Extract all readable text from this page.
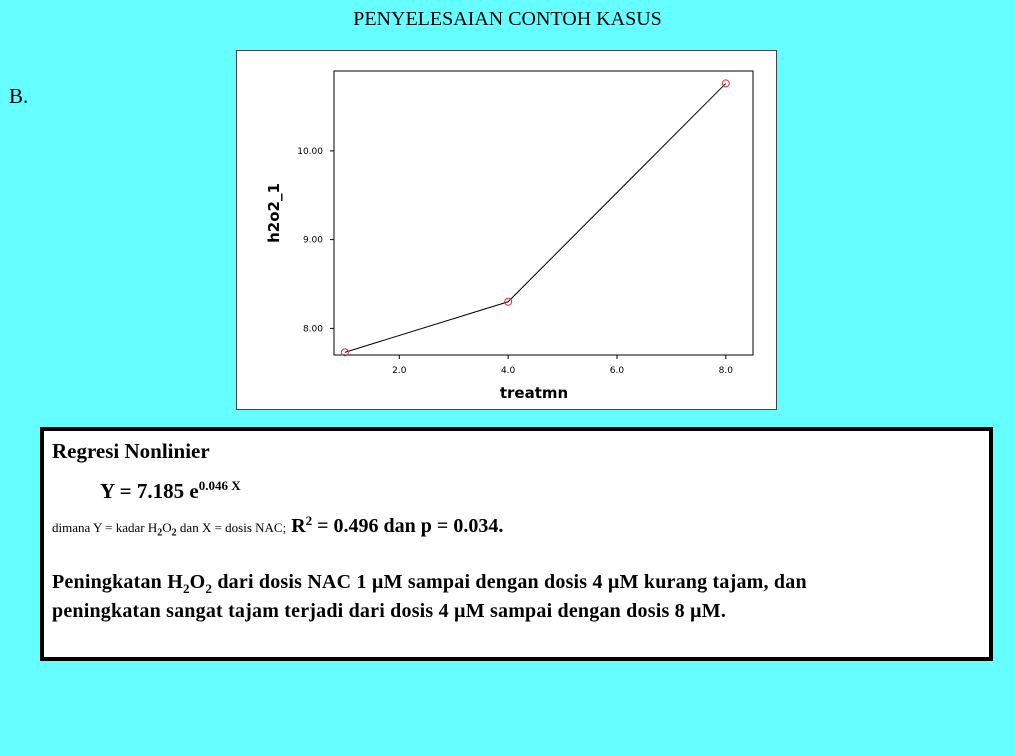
PENYELESAIAN CONTOH KASUS
B.
2.0	4.0	6.0	8.0
8.00
9.00
10.00
treatmn
h2o2_1
Regresi Nonlinier
Y = 7.185 $e^{0.046 X}$
dimana Y = kadar $H_2O_2$ dan X = dosis NAC; $R^2 = 0.496$ dan p = 0.034.
Peningkatan $H_2O_2$ dari dosis NAC 1 µM sampai dengan dosis 4 µM kurang tajam, dan
peningkatan sangat tajam terjadi dari dosis 4 µM sampai dengan dosis 8 µM.
